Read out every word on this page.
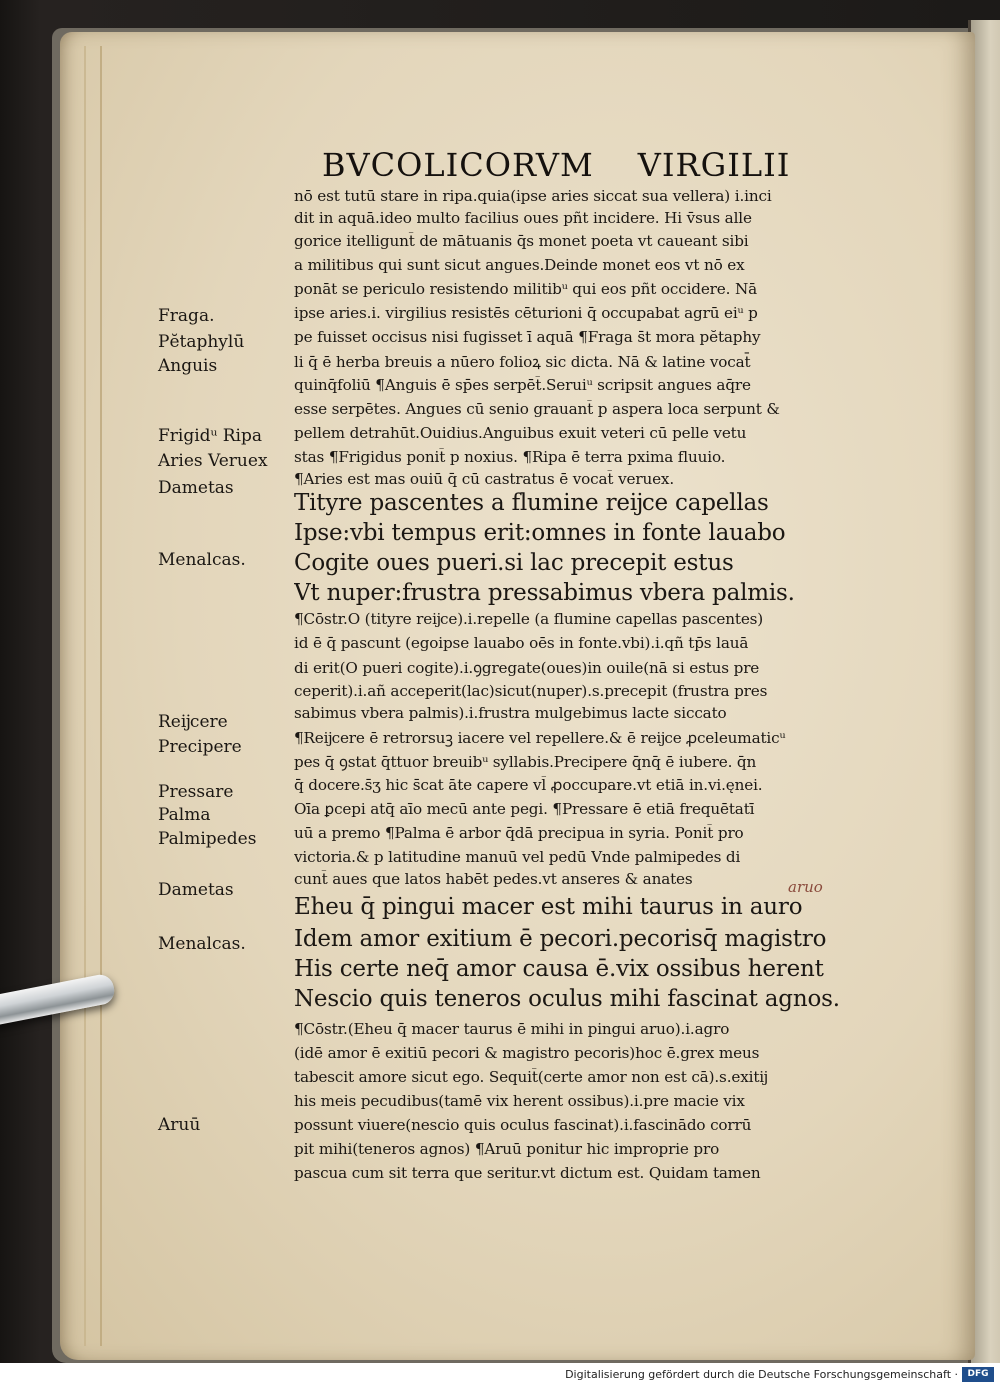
BVCOLICORVM VIRGILII
Fraga.
Pĕtaphylū
Anguis
Frigidᵘ Ripa
Aries Veruex
Dametas
Menalcas.
Reĳcere
Precipere
Pressare
Palma
Palmipedes
Dametas
Menalcas.
Aruū
nō est tutū stare in ripa.quia(ipse aries siccat sua vellera) i.inci
dit in aquā.ideo multo facilius oues pñt incidere. Hi v̄sus alle
gorice itelligunt̄ de mātuanis q̄s monet poeta vt caueant sibi
a militibus qui sunt sicut angues.Deinde monet eos vt nō ex
ponāt se periculo resistendo militibᵘ qui eos pñt occidere. Nā
ipse aries.i. virgilius resistēs cēturioni q̄ occupabat agrū eiᵘ p
pe fuisset occisus nisi fugisset ī aquā ¶Fraga s̄t mora pĕtaphy
li q̄ ē herba breuis a nūero folioꝝ sic dicta. Nā & latine vocat̄
quinq̄foliū ¶Anguis ē sp̄es serpēt̄.Seruiᵘ scripsit angues aq̄re
esse serpētes. Angues cū senio grauant̄ p aspera loca serpunt &
pellem detrahūt.Ouidius.Anguibus exuit veteri cū pelle vetu
stas ¶Frigidus ponit̄ p noxius. ¶Ripa ē terra pxima fluuio.
¶Aries est mas ouiū q̄ cū castratus ē vocat̄ veruex.
Tityre pascentes a flumine reĳce capellas
Ipse:vbi tempus erit:omnes in fonte lauabo
Cogite oues pueri.si lac precepit estus
Vt nuper:frustra pressabimus vbera palmis.
¶Cōstr.O (tityre reĳce).i.repelle (a flumine capellas pascentes)
id ē q̄ pascunt (egoipse lauabo oēs in fonte.vbi).i.qñ tp̄s lauā
di erit(O pueri cogite).i.ꝯgregate(oues)in ouile(nā si estus pre
ceperit).i.añ acceperit(lac)sicut(nuper).s.precepit (frustra pres
sabimus vbera palmis).i.frustra mulgebimus lacte siccato
¶Reĳcere ē retrorsuꝫ iacere vel repellere.& ē reĳce ꝓceleumaticᵘ
pes q̄ ꝯstat q̄ttuor breuibᵘ syllabis.Precipere q̄nq̄ ē iubere. q̄n
q̄ docere.s̄ʒ hic s̄cat āte capere vl̄ ꝓoccupare.vt etiā in.vi.ęnei.
Oīa ꝑcepi atq̄ aīo mecū ante pegi. ¶Pressare ē etiā frequētatī
uū a premo ¶Palma ē arbor q̄dā precipua in syria. Ponit̄ pro
victoria.& p latitudine manuū vel pedū Vnde palmipedes di
cunt̄ aues que latos habēt pedes.vt anseres & anates
Eheu q̄ pingui macer est mihi taurus in auro
Idem amor exitium ē pecori.pecorisq̄ magistro
His certe neq̄ amor causa ē.vix ossibus herent
Nescio quis teneros oculus mihi fascinat agnos.
¶Cōstr.(Eheu q̄ macer taurus ē mihi in pingui aruo).i.agro
(idē amor ē exitiū pecori & magistro pecoris)hoc ē.grex meus
tabescit amore sicut ego. Sequit̄(certe amor non est cā).s.exitĳ
his meis pecudibus(tamē vix herent ossibus).i.pre macie vix
possunt viuere(nescio quis oculus fascinat).i.fascinādo corrū
pit mihi(teneros agnos) ¶Aruū ponitur hic improprie pro
pascua cum sit terra que seritur.vt dictum est. Quidam tamen
aruo
Digitalisierung gefördert durch die Deutsche Forschungsgemeinschaft ·	DFG
